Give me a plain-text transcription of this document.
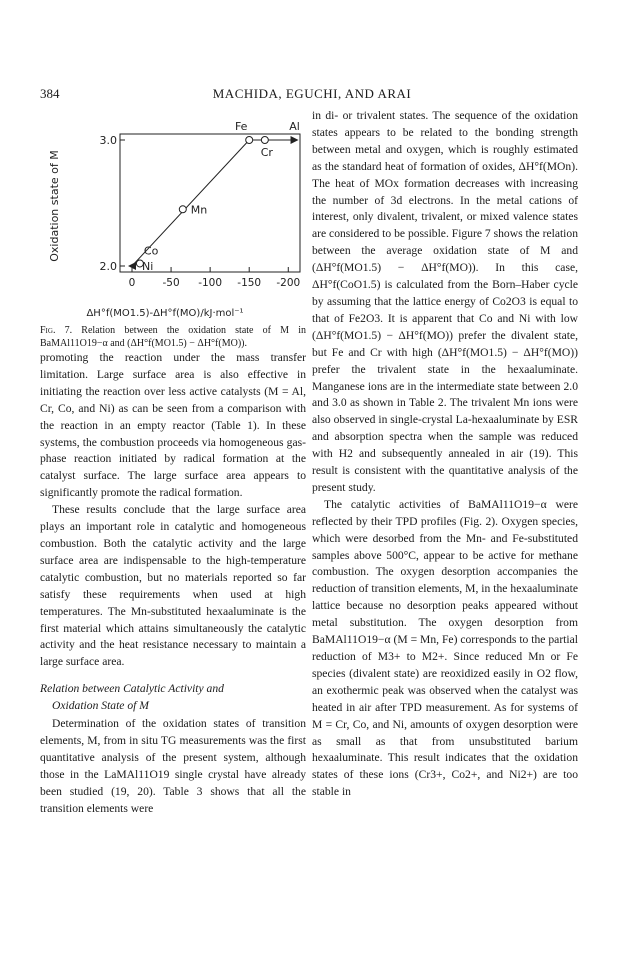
384	MACHIDA, EGUCHI, AND ARAI
Oxidation state of M	Co
Ni
Mn
Fe
Cr
Al
3.0
2.0
0	-50 -100 -150 -200
ΔH°f(MO1.5)-ΔH°f(MO)/kJ·mol⁻¹

Fig. 7. Relation between the oxidation state of M in BaMAl11O19−α and (ΔH°f(MO1.5) − ΔH°f(MO)).

promoting the reaction under the mass transfer limitation. Large surface area is also effective in initiating the reaction over less active catalysts (M = Al, Cr, Co, and Ni) as can be seen from a comparison with the reaction in an empty reactor (Table 1). In these systems, the combustion proceeds via homogeneous gas-phase reaction initiated by radical formation at the catalyst surface. The large surface area appears to significantly promote the radical formation.

These results conclude that the large surface area plays an important role in catalytic and homogeneous combustion. Both the catalytic activity and the large surface area are indispensable to the high-temperature catalytic combustion, but no materials reported so far satisfy these requirements when used at high temperatures. The Mn-substituted hexaaluminate is the first material which attains simultaneously the catalytic activity and the heat resistance necessary to maintain a large surface area.

Relation between Catalytic Activity and
Oxidation State of M

Determination of the oxidation states of transition elements, M, from in situ TG measurements was the first quantitative analysis of the present system, although those in the LaMAl11O19 single crystal have already been studied (19, 20). Table 3 shows that all the transition elements were

in di- or trivalent states. The sequence of the oxidation states appears to be related to the bonding strength between metal and oxygen, which is roughly estimated as the standard heat of formation of oxides, ΔH°f(MOn). The heat of MOx formation decreases with increasing the number of 3d electrons. In the metal cations of interest, only divalent, trivalent, or mixed valence states are considered to be possible. Figure 7 shows the relation between the average oxidation state of M and (ΔH°f(MO1.5) − ΔH°f(MO)). In this case, ΔH°f(CoO1.5) is calculated from the Born–Haber cycle by assuming that the lattice energy of Co2O3 is equal to that of Fe2O3. It is apparent that Co and Ni with low (ΔH°f(MO1.5) − ΔH°f(MO)) prefer the divalent state, but Fe and Cr with high (ΔH°f(MO1.5) − ΔH°f(MO)) prefer the trivalent state in the hexaaluminate. Manganese ions are in the intermediate state between 2.0 and 3.0 as shown in Table 2. The trivalent Mn ions were also observed in single-crystal La-hexaaluminate by ESR and absorption spectra when the sample was reduced with H2 and subsequently annealed in air (19). This result is consistent with the quantitative analysis of the present study.

The catalytic activities of BaMAl11O19−α were reflected by their TPD profiles (Fig. 2). Oxygen species, which were desorbed from the Mn- and Fe-substituted samples above 500°C, appear to be active for methane combustion. The oxygen desorption accompanies the reduction of transition elements, M, in the hexaaluminate lattice because no desorption peaks appeared without metal substitution. The oxygen desorption from BaMAl11O19−α (M = Mn, Fe) corresponds to the partial reduction of M3+ to M2+. Since reduced Mn or Fe species (divalent state) are reoxidized easily in O2 flow, an exothermic peak was observed when the catalyst was heated in air after TPD measurement. As for systems of M = Cr, Co, and Ni, amounts of oxygen desorption were as small as that from unsubstituted barium hexaaluminate. This result indicates that the oxidation states of these ions (Cr3+, Co2+, and Ni2+) are too stable in
